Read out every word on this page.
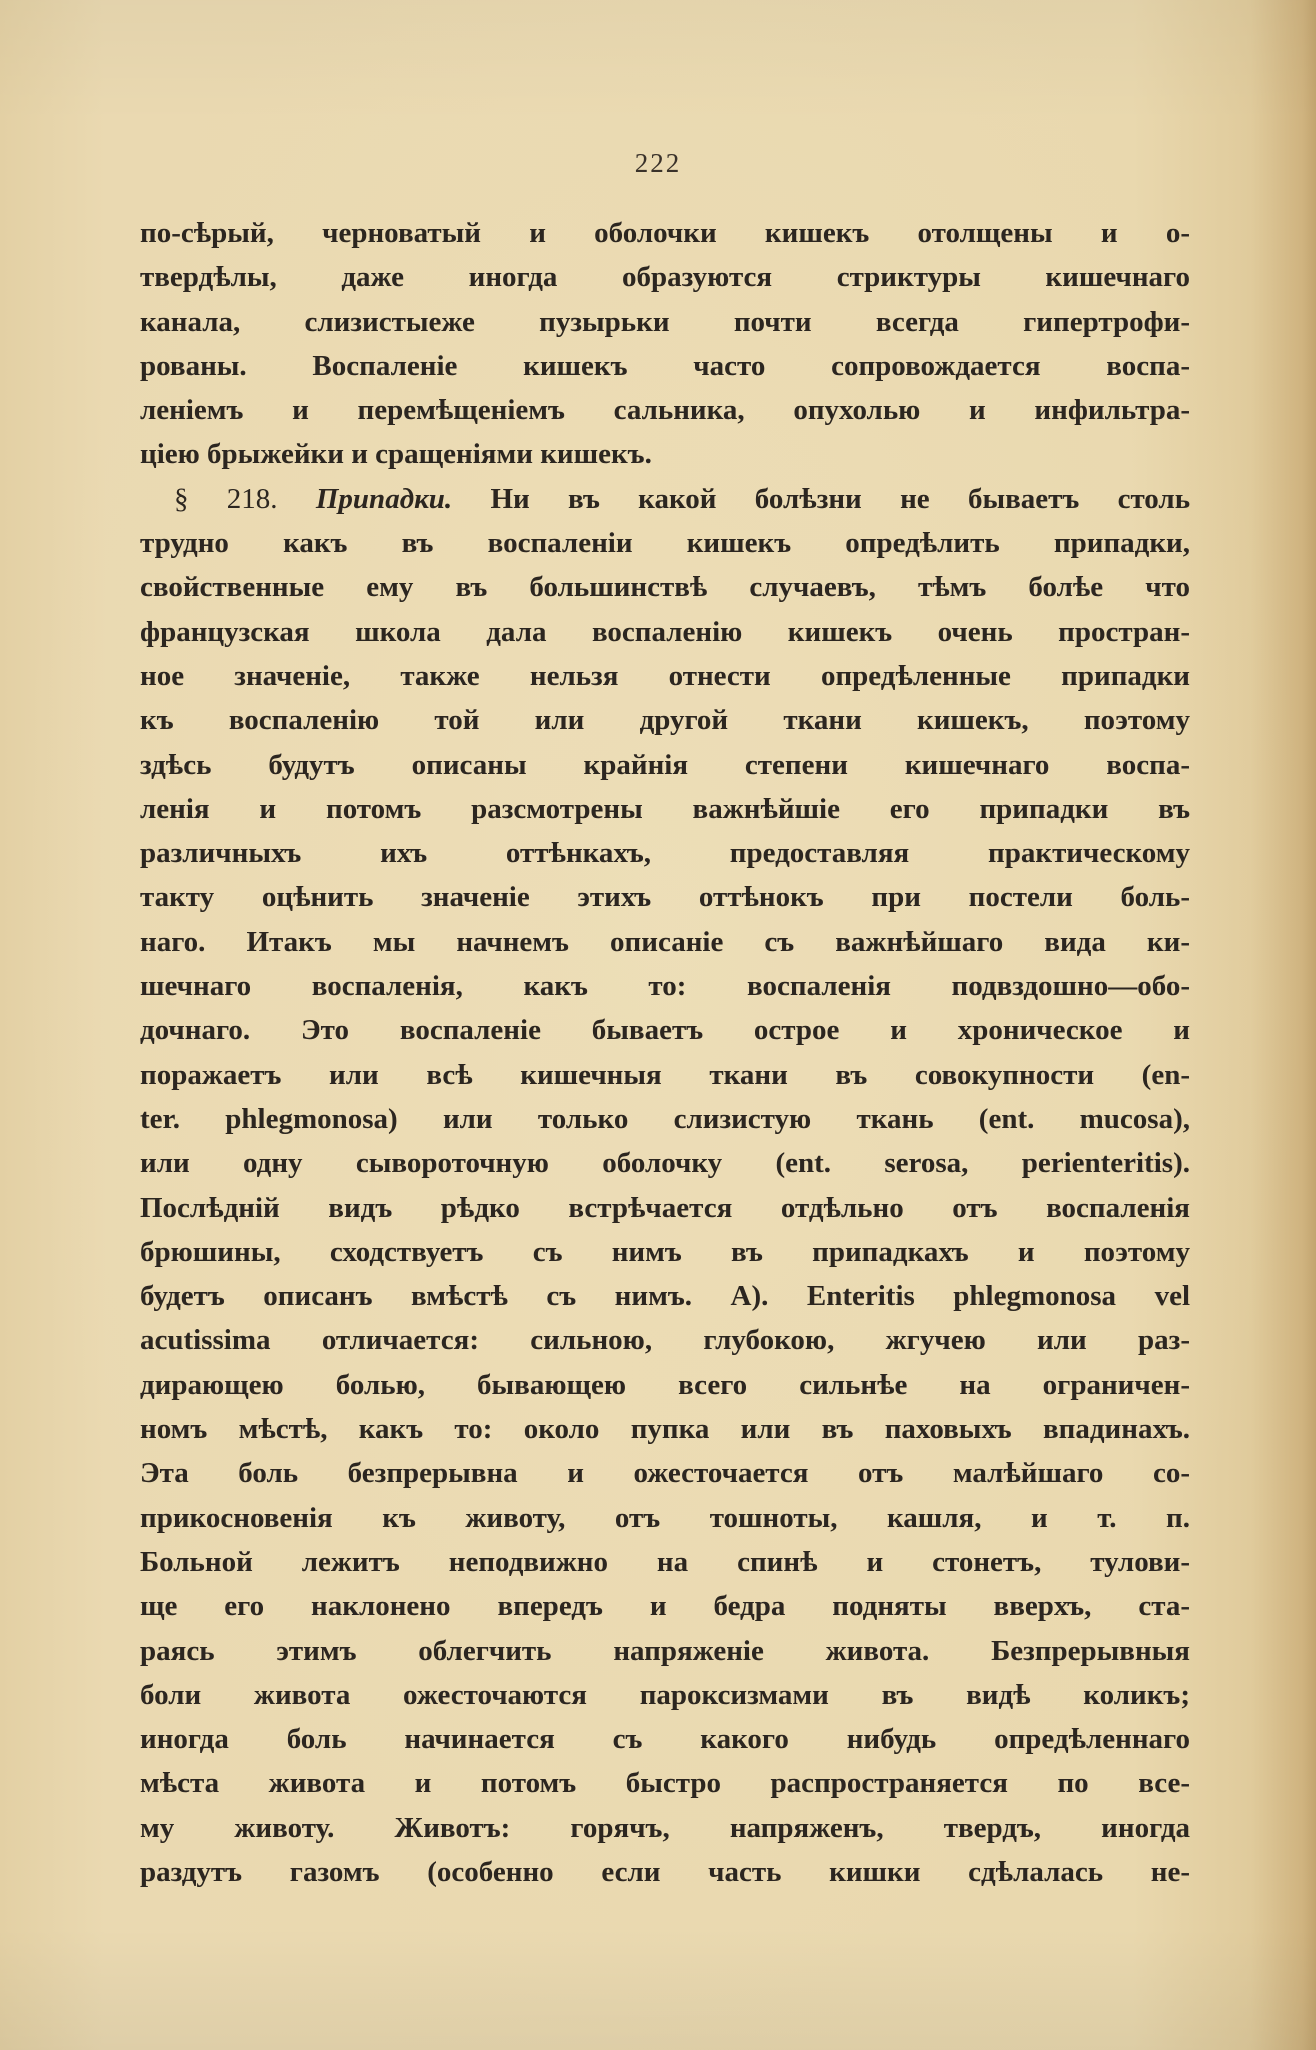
222
по-сѣрый, черноватый и оболочки кишекъ отолщены и о-
твердѣлы, даже иногда образуются стриктуры кишечнаго
канала, слизистыеже пузырьки почти всегда гипертрофи-
рованы. Воспаленіе кишекъ часто сопровождается воспа-
леніемъ и перемѣщеніемъ сальника, опухолью и инфильтра-
ціею брыжейки и сращеніями кишекъ.
§ 218. Припадки. Ни въ какой болѣзни не бываетъ столь
трудно какъ въ воспаленіи кишекъ опредѣлить припадки,
свойственные ему въ большинствѣ случаевъ, тѣмъ болѣе что
французская школа дала воспаленію кишекъ очень простран-
ное значеніе, также нельзя отнести опредѣленные припадки
къ воспаленію той или другой ткани кишекъ, поэтому
здѣсь будутъ описаны крайнія степени кишечнаго воспа-
ленія и потомъ разсмотрены важнѣйшіе его припадки въ
различныхъ ихъ оттѣнкахъ, предоставляя практическому
такту оцѣнить значеніе этихъ оттѣнокъ при постели боль-
наго. Итакъ мы начнемъ описаніе съ важнѣйшаго вида ки-
шечнаго воспаленія, какъ то: воспаленія подвздошно—обо-
дочнаго. Это воспаленіе бываетъ острое и хроническое и
поражаетъ или всѣ кишечныя ткани въ совокупности (en-
ter. phlegmonosa) или только слизистую ткань (ent. mucosa),
или одну сывороточную оболочку (ent. serosa, perienteritis).
Послѣдній видъ рѣдко встрѣчается отдѣльно отъ воспаленія
брюшины, сходствуетъ съ нимъ въ припадкахъ и поэтому
будетъ описанъ вмѣстѣ съ нимъ. A). Enteritis phlegmonosa vel
acutissima отличается: сильною, глубокою, жгучею или раз-
дирающею болью, бывающею всего сильнѣе на ограничен-
номъ мѣстѣ, какъ то: около пупка или въ паховыхъ впадинахъ.
Эта боль безпрерывна и ожесточается отъ малѣйшаго со-
прикосновенія къ животу, отъ тошноты, кашля, и т. п.
Больной лежитъ неподвижно на спинѣ и стонетъ, тулови-
ще его наклонено впередъ и бедра подняты вверхъ, ста-
раясь этимъ облегчить напряженіе живота. Безпрерывныя
боли живота ожесточаются пароксизмами въ видѣ коликъ;
иногда боль начинается съ какого нибудь опредѣленнаго
мѣста живота и потомъ быстро распространяется по все-
му животу. Животъ: горячъ, напряженъ, твердъ, иногда
раздутъ газомъ (особенно если часть кишки сдѣлалась не-
